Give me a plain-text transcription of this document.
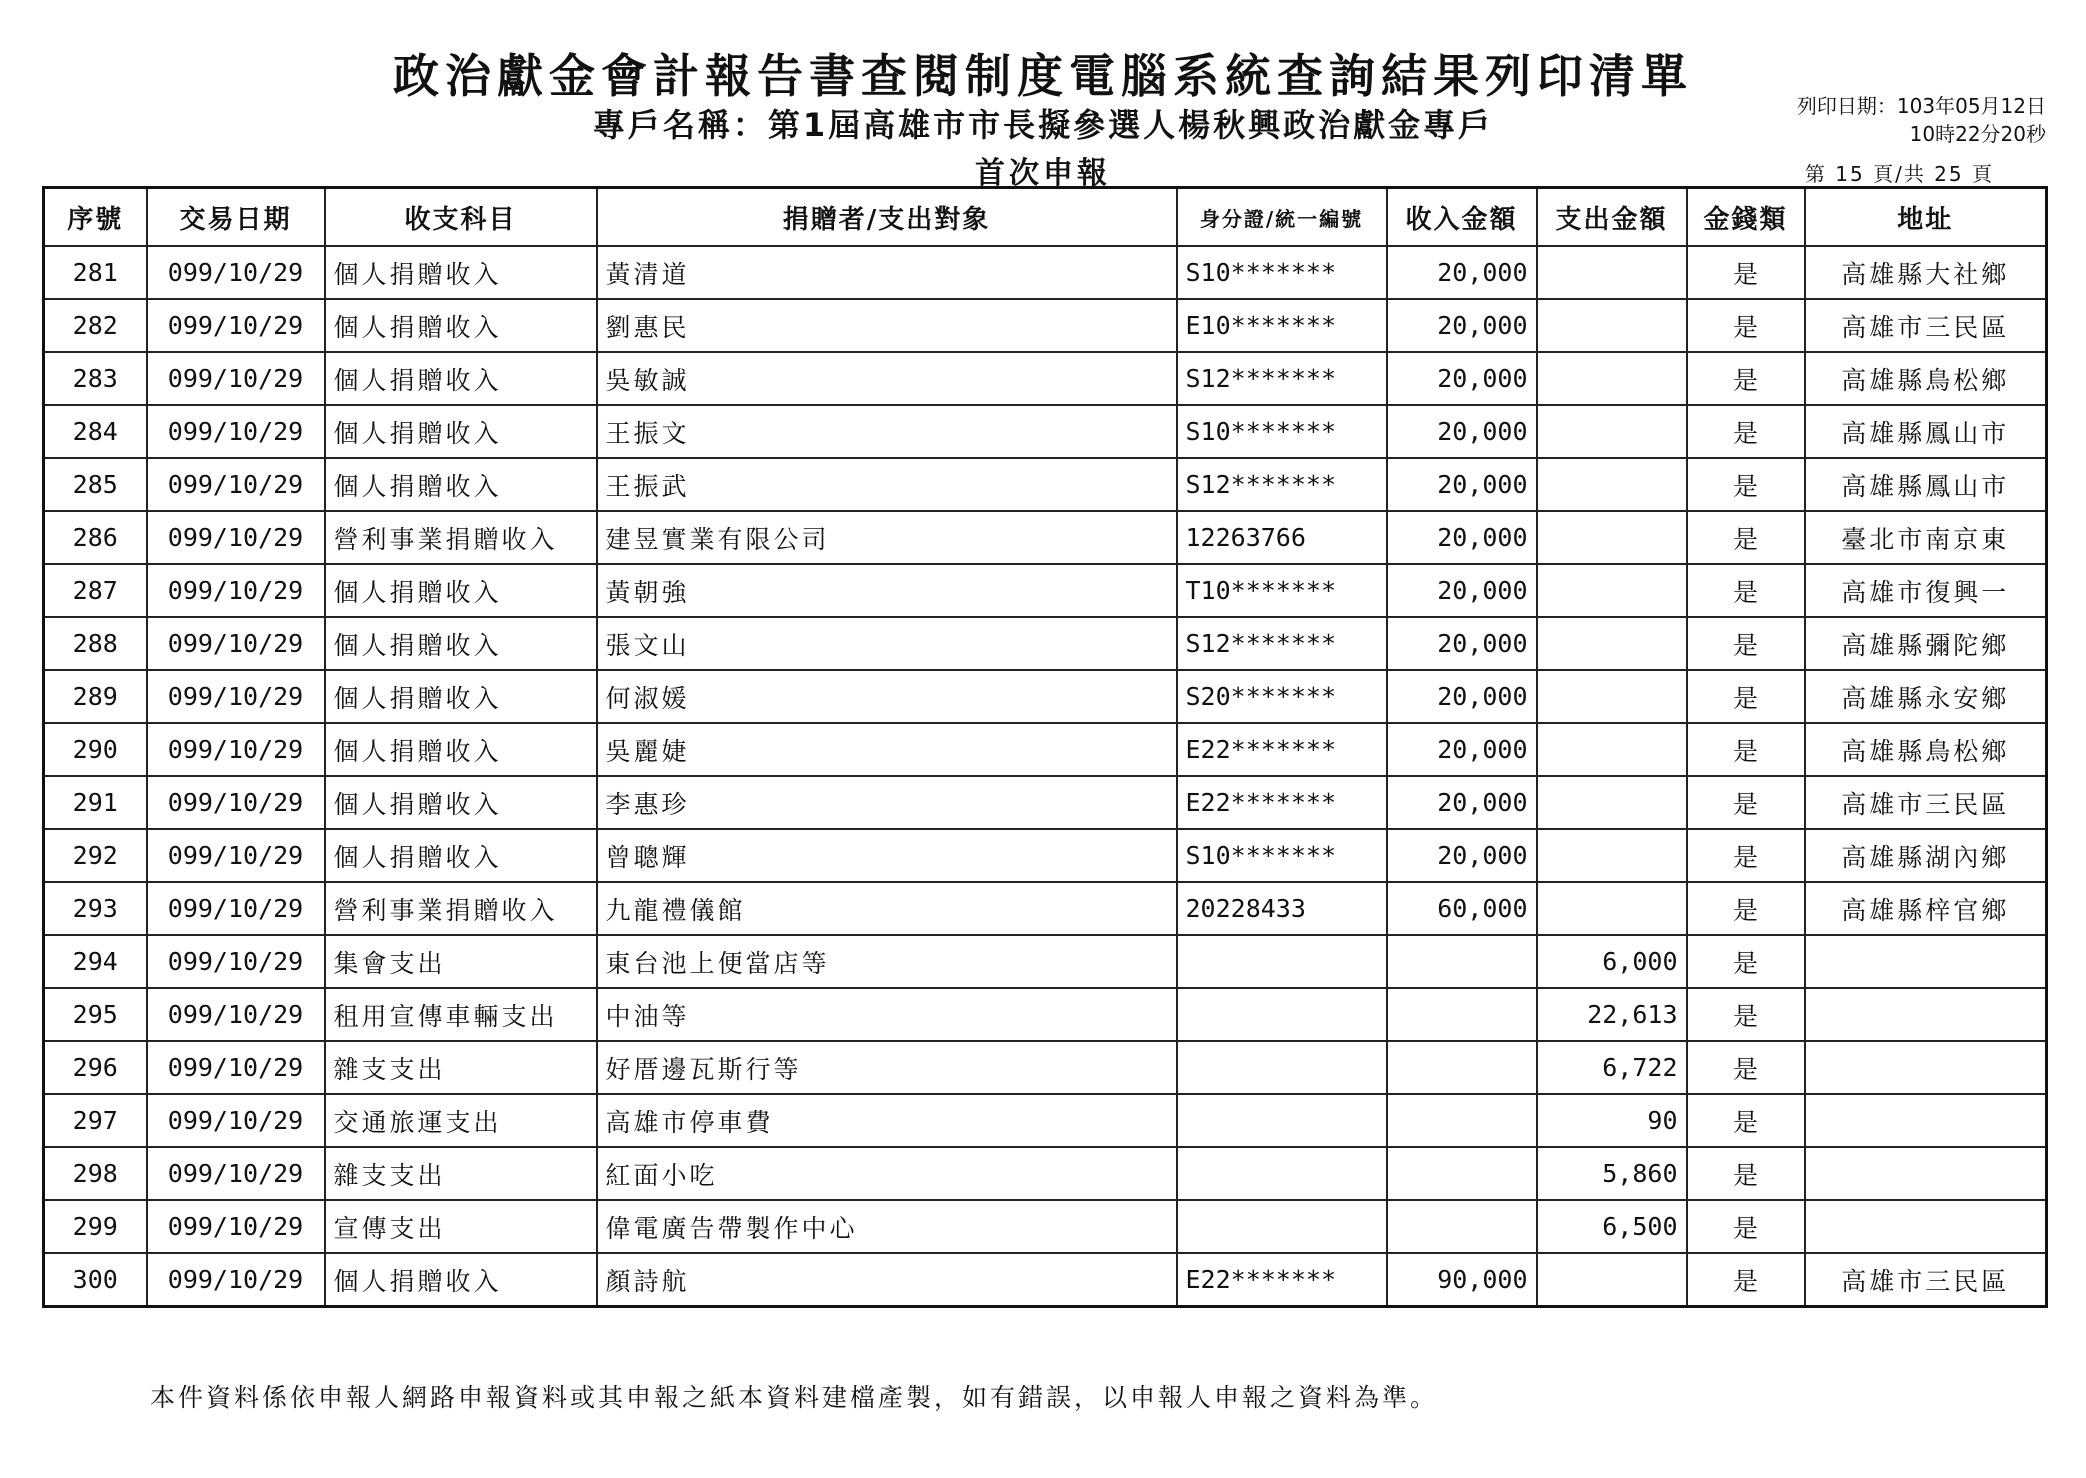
政治獻金會計報告書查閱制度電腦系統查詢結果列印清單
專戶名稱：第1屆高雄市市長擬參選人楊秋興政治獻金專戶
首次申報
列印日期：103年05月12日
10時22分20秒
第 15 頁/共 25 頁
序號	交易日期	收支科目	捐贈者/支出對象	身分證/統一編號	收入金額	支出金額	金錢類	地址
281	099/10/29	個人捐贈收入	黃清道	S10*******	20,000		是	高雄縣大社鄉
282	099/10/29	個人捐贈收入	劉惠民	E10*******	20,000		是	高雄市三民區
283	099/10/29	個人捐贈收入	吳敏誠	S12*******	20,000		是	高雄縣鳥松鄉
284	099/10/29	個人捐贈收入	王振文	S10*******	20,000		是	高雄縣鳳山市
285	099/10/29	個人捐贈收入	王振武	S12*******	20,000		是	高雄縣鳳山市
286	099/10/29	營利事業捐贈收入	建昱實業有限公司	12263766	20,000		是	臺北市南京東
287	099/10/29	個人捐贈收入	黃朝強	T10*******	20,000		是	高雄市復興一
288	099/10/29	個人捐贈收入	張文山	S12*******	20,000		是	高雄縣彌陀鄉
289	099/10/29	個人捐贈收入	何淑媛	S20*******	20,000		是	高雄縣永安鄉
290	099/10/29	個人捐贈收入	吳麗婕	E22*******	20,000		是	高雄縣鳥松鄉
291	099/10/29	個人捐贈收入	李惠珍	E22*******	20,000		是	高雄市三民區
292	099/10/29	個人捐贈收入	曾聰輝	S10*******	20,000		是	高雄縣湖內鄉
293	099/10/29	營利事業捐贈收入	九龍禮儀館	20228433	60,000		是	高雄縣梓官鄉
294	099/10/29	集會支出	東台池上便當店等			6,000	是	
295	099/10/29	租用宣傳車輛支出	中油等			22,613	是	
296	099/10/29	雜支支出	好厝邊瓦斯行等			6,722	是	
297	099/10/29	交通旅運支出	高雄市停車費			90	是	
298	099/10/29	雜支支出	紅面小吃			5,860	是	
299	099/10/29	宣傳支出	偉電廣告帶製作中心			6,500	是	
300	099/10/29	個人捐贈收入	顏詩航	E22*******	90,000		是	高雄市三民區
本件資料係依申報人網路申報資料或其申報之紙本資料建檔產製，如有錯誤，以申報人申報之資料為準。
